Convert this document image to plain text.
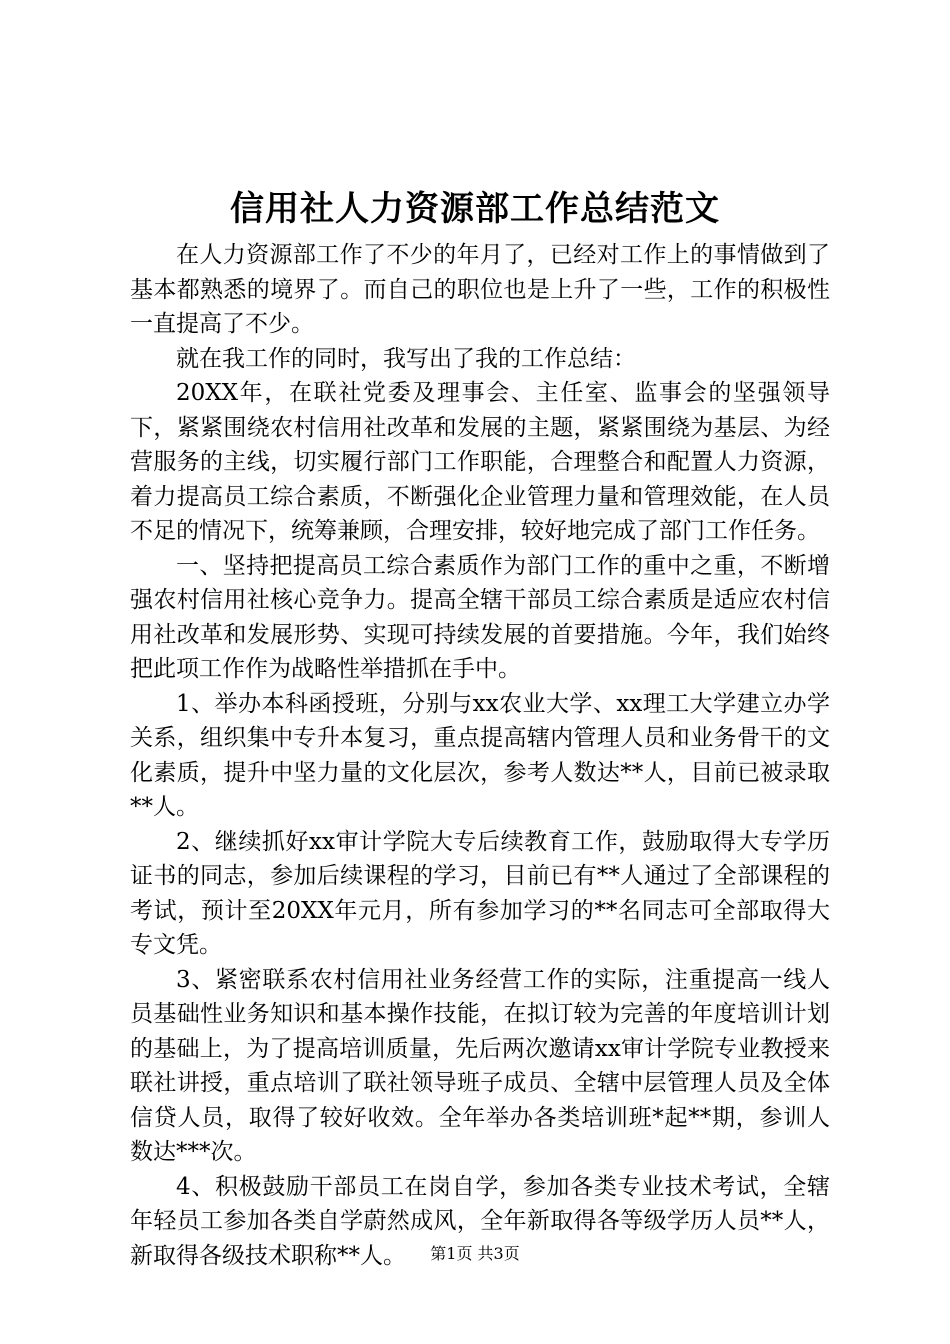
信用社人力资源部工作总结范文

在人力资源部工作了不少的年月了，已经对工作上的事情做到了基本都熟悉的境界了。而自己的职位也是上升了一些，工作的积极性一直提高了不少。

就在我工作的同时，我写出了我的工作总结：

20XX年，在联社党委及理事会、主任室、监事会的坚强领导下，紧紧围绕农村信用社改革和发展的主题，紧紧围绕为基层、为经营服务的主线，切实履行部门工作职能，合理整合和配置人力资源，着力提高员工综合素质，不断强化企业管理力量和管理效能，在人员不足的情况下，统筹兼顾，合理安排，较好地完成了部门工作任务。

一、坚持把提高员工综合素质作为部门工作的重中之重，不断增强农村信用社核心竞争力。提高全辖干部员工综合素质是适应农村信用社改革和发展形势、实现可持续发展的首要措施。今年，我们始终把此项工作作为战略性举措抓在手中。

1、举办本科函授班，分别与xx农业大学、xx理工大学建立办学关系，组织集中专升本复习，重点提高辖内管理人员和业务骨干的文化素质，提升中坚力量的文化层次，参考人数达**人，目前已被录取**人。

2、继续抓好xx审计学院大专后续教育工作，鼓励取得大专学历证书的同志，参加后续课程的学习，目前已有**人通过了全部课程的考试，预计至20XX年元月，所有参加学习的**名同志可全部取得大专文凭。

3、紧密联系农村信用社业务经营工作的实际，注重提高一线人员基础性业务知识和基本操作技能，在拟订较为完善的年度培训计划的基础上，为了提高培训质量，先后两次邀请xx审计学院专业教授来联社讲授，重点培训了联社领导班子成员、全辖中层管理人员及全体信贷人员，取得了较好收效。全年举办各类培训班*起**期，参训人数达***次。

4、积极鼓励干部员工在岗自学，参加各类专业技术考试，全辖年轻员工参加各类自学蔚然成风，全年新取得各等级学历人员**人，新取得各级技术职称**人。	第1页 共3页
